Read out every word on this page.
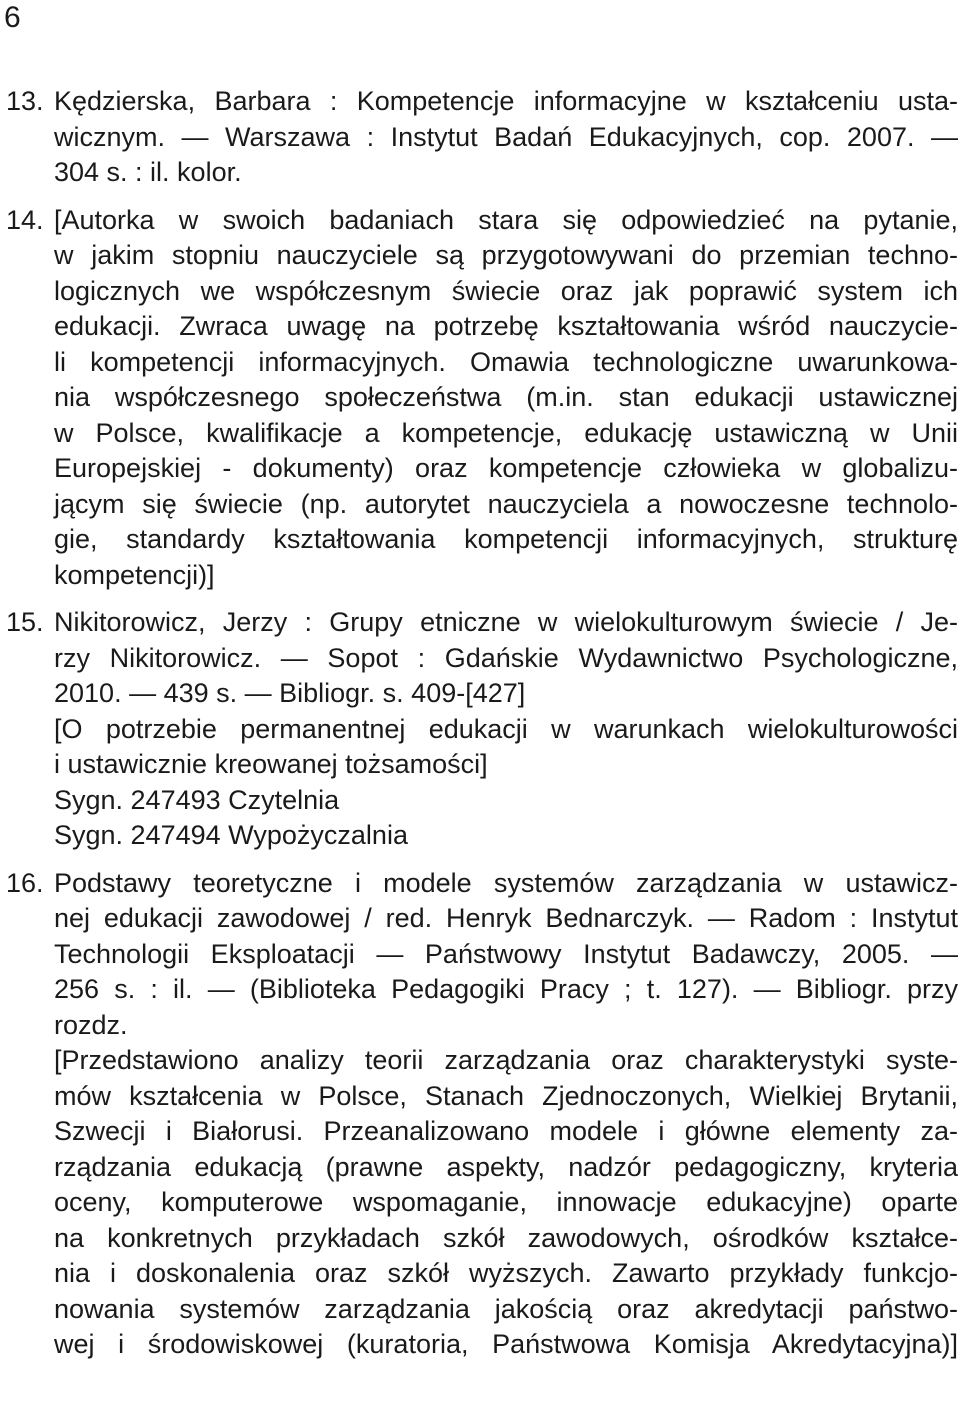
6
13. Kędzierska, Barbara : Kompetencje informacyjne w kształceniu usta-
wicznym. — Warszawa : Instytut Badań Edukacyjnych, cop. 2007. —
304 s. : il. kolor.
14. [Autorka w swoich badaniach stara się odpowiedzieć na pytanie,
w jakim stopniu nauczyciele są przygotowywani do przemian techno-
logicznych we współczesnym świecie oraz jak poprawić system ich
edukacji. Zwraca uwagę na potrzebę kształtowania wśród nauczycie-
li kompetencji informacyjnych. Omawia technologiczne uwarunkowa-
nia współczesnego społeczeństwa (m.in. stan edukacji ustawicznej
w Polsce, kwalifikacje a kompetencje, edukację ustawiczną w Unii
Europejskiej - dokumenty) oraz kompetencje człowieka w globalizu-
jącym się świecie (np. autorytet nauczyciela a nowoczesne technolo-
gie, standardy kształtowania kompetencji informacyjnych, strukturę
kompetencji)]
15. Nikitorowicz, Jerzy : Grupy etniczne w wielokulturowym świecie / Je-
rzy Nikitorowicz. — Sopot : Gdańskie Wydawnictwo Psychologiczne,
2010. — 439 s. — Bibliogr. s. 409-[427]
[O potrzebie permanentnej edukacji w warunkach wielokulturowości
i ustawicznie kreowanej tożsamości]
Sygn. 247493 Czytelnia
Sygn. 247494 Wypożyczalnia
16. Podstawy teoretyczne i modele systemów zarządzania w ustawicz-
nej edukacji zawodowej / red. Henryk Bednarczyk. — Radom : Instytut
Technologii Eksploatacji — Państwowy Instytut Badawczy, 2005. —
256 s. : il. — (Biblioteka Pedagogiki Pracy ; t. 127). — Bibliogr. przy
rozdz.
[Przedstawiono analizy teorii zarządzania oraz charakterystyki syste-
mów kształcenia w Polsce, Stanach Zjednoczonych, Wielkiej Brytanii,
Szwecji i Białorusi. Przeanalizowano modele i główne elementy za-
rządzania edukacją (prawne aspekty, nadzór pedagogiczny, kryteria
oceny, komputerowe wspomaganie, innowacje edukacyjne) oparte
na konkretnych przykładach szkół zawodowych, ośrodków kształce-
nia i doskonalenia oraz szkół wyższych. Zawarto przykłady funkcjo-
nowania systemów zarządzania jakością oraz akredytacji państwo-
wej i środowiskowej (kuratoria, Państwowa Komisja Akredytacyjna)]
